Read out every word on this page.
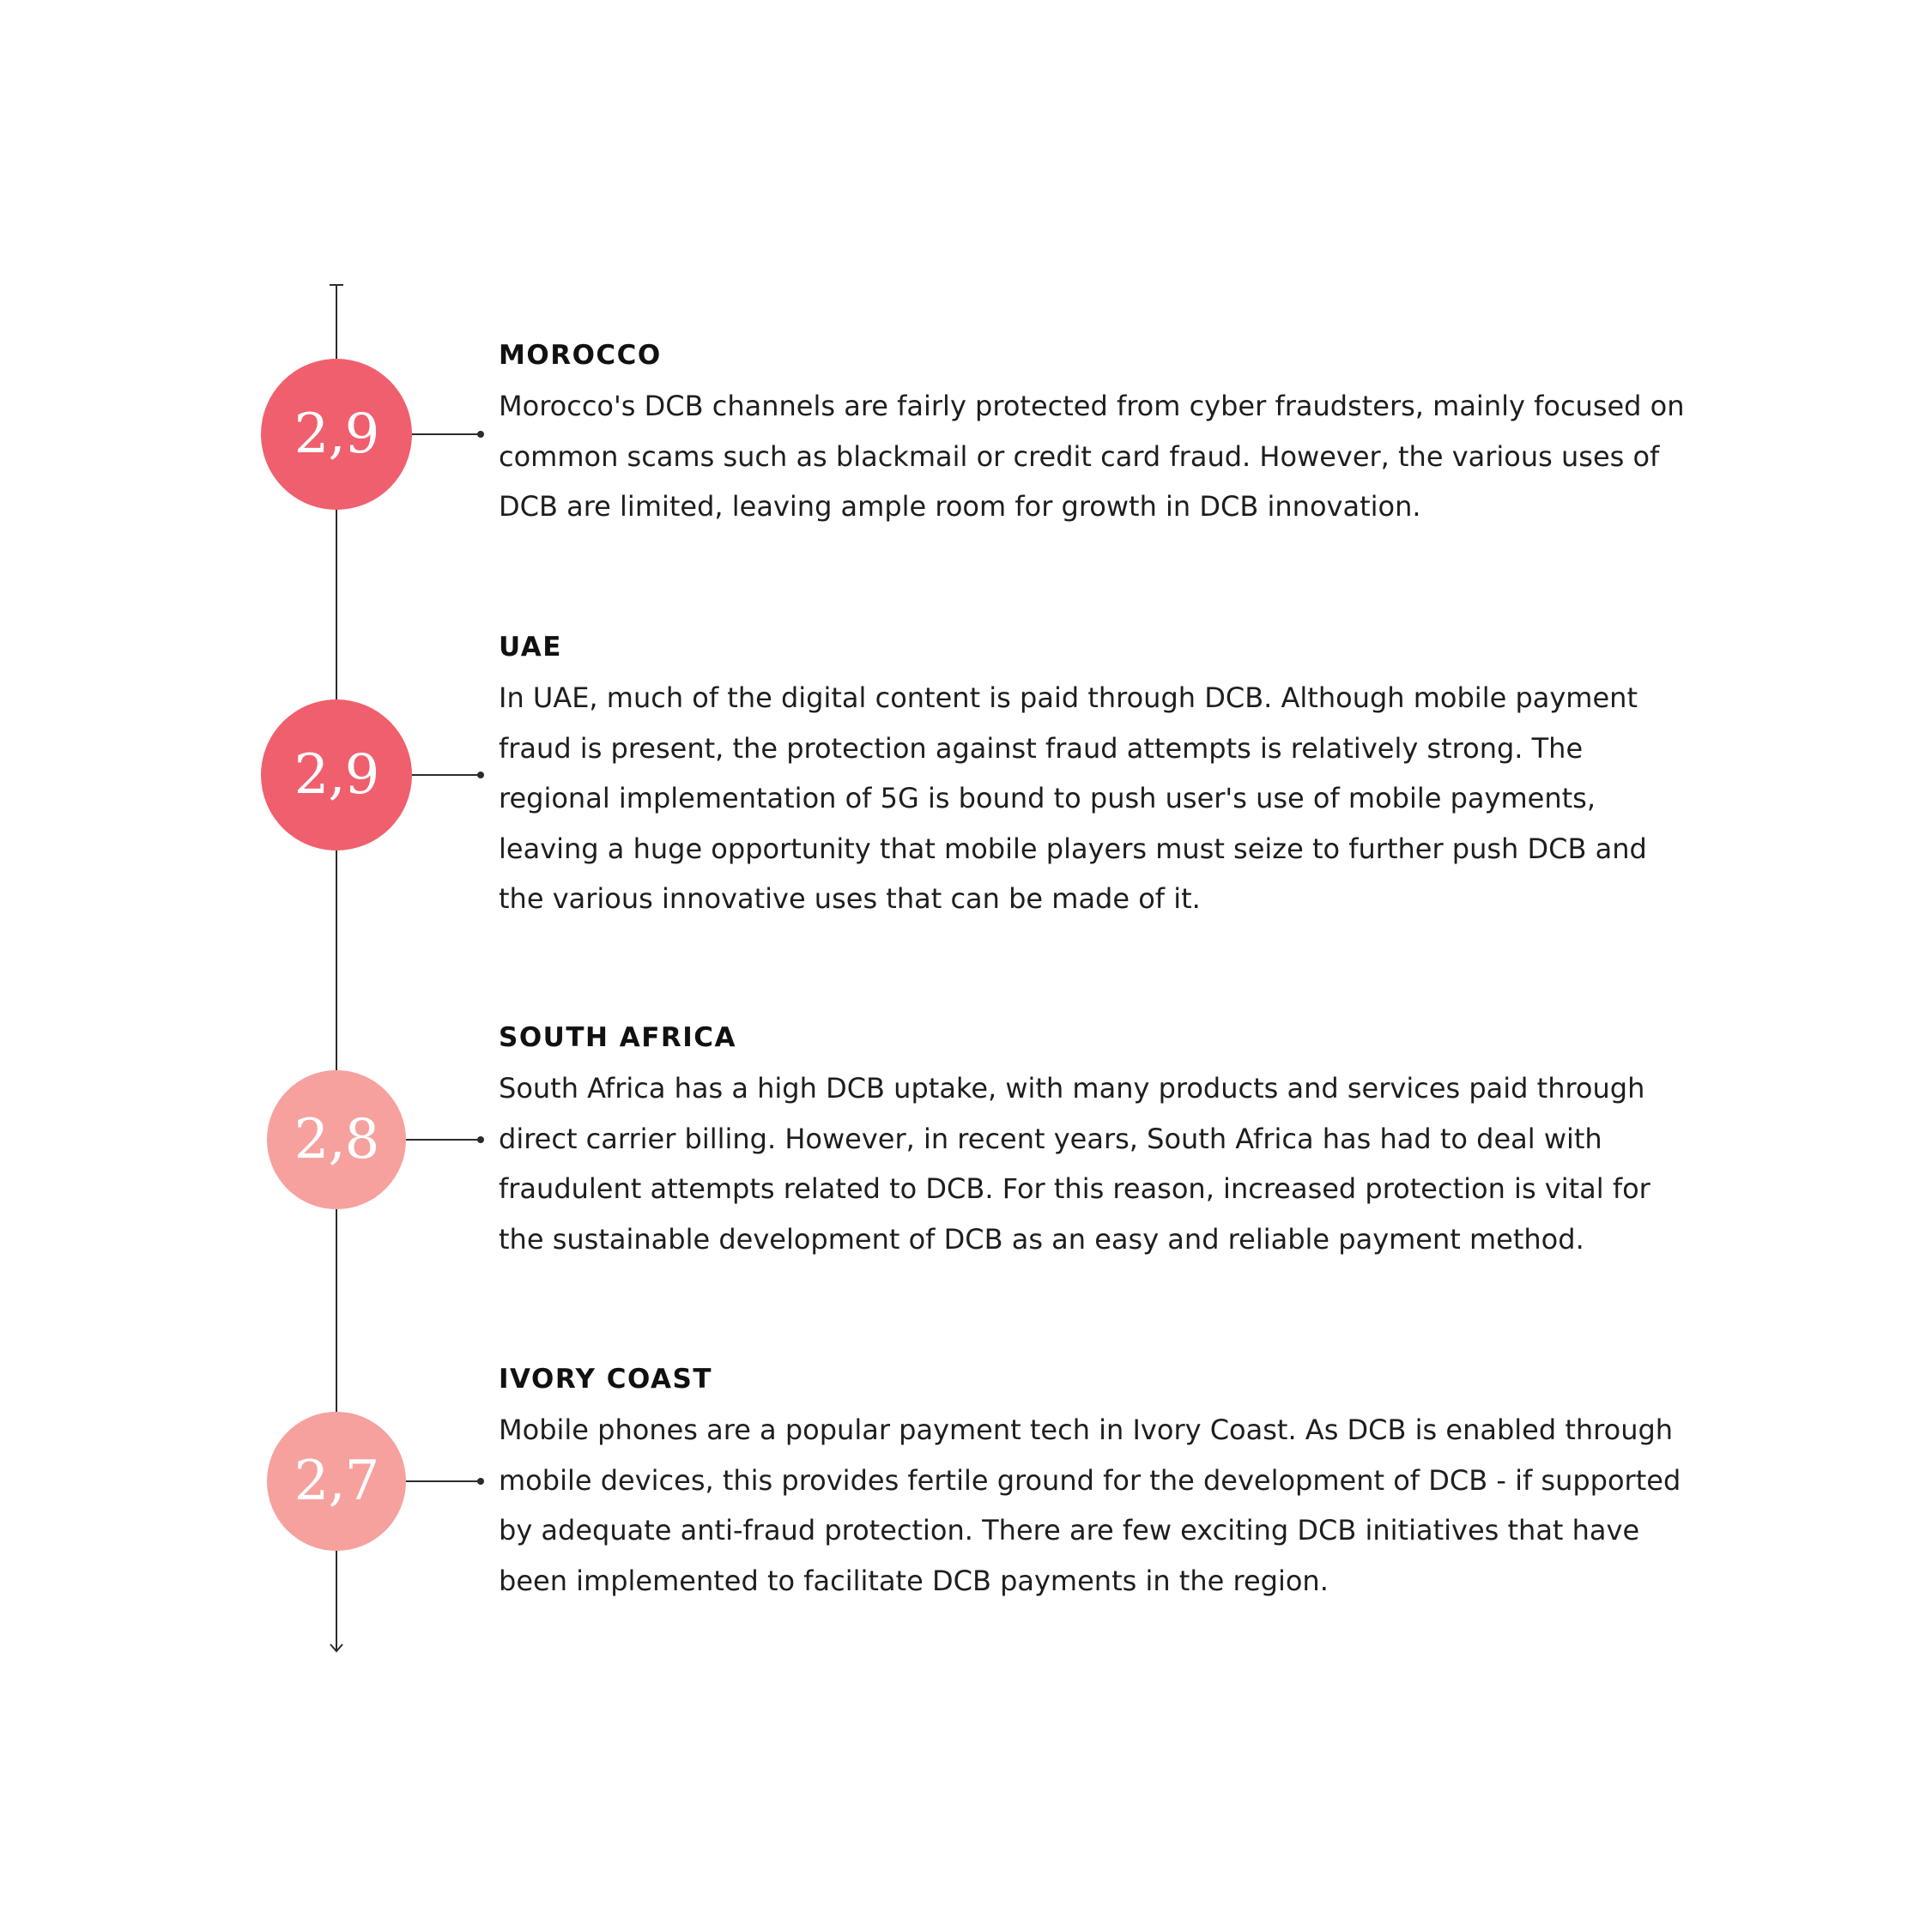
2,9
MOROCCO

Morocco's DCB channels are fairly protected from cyber fraudsters, mainly focused on common scams such as blackmail or credit card fraud. However, the various uses of DCB are limited, leaving ample room for growth in DCB innovation.

2,9
UAE

In UAE, much of the digital content is paid through DCB. Although mobile payment fraud is present, the protection against fraud attempts is relatively strong. The regional implementation of 5G is bound to push user's use of mobile payments, leaving a huge opportunity that mobile players must seize to further push DCB and the various innovative uses that can be made of it.

2,8
SOUTH AFRICA

South Africa has a high DCB uptake, with many products and services paid through direct carrier billing. However, in recent years, South Africa has had to deal with fraudulent attempts related to DCB. For this reason, increased protection is vital for the sustainable development of DCB as an easy and reliable payment method.

2,7
IVORY COAST

Mobile phones are a popular payment tech in Ivory Coast. As DCB is enabled through mobile devices, this provides fertile ground for the development of DCB - if supported by adequate anti-fraud protection. There are few exciting DCB initiatives that have been implemented to facilitate DCB payments in the region.
